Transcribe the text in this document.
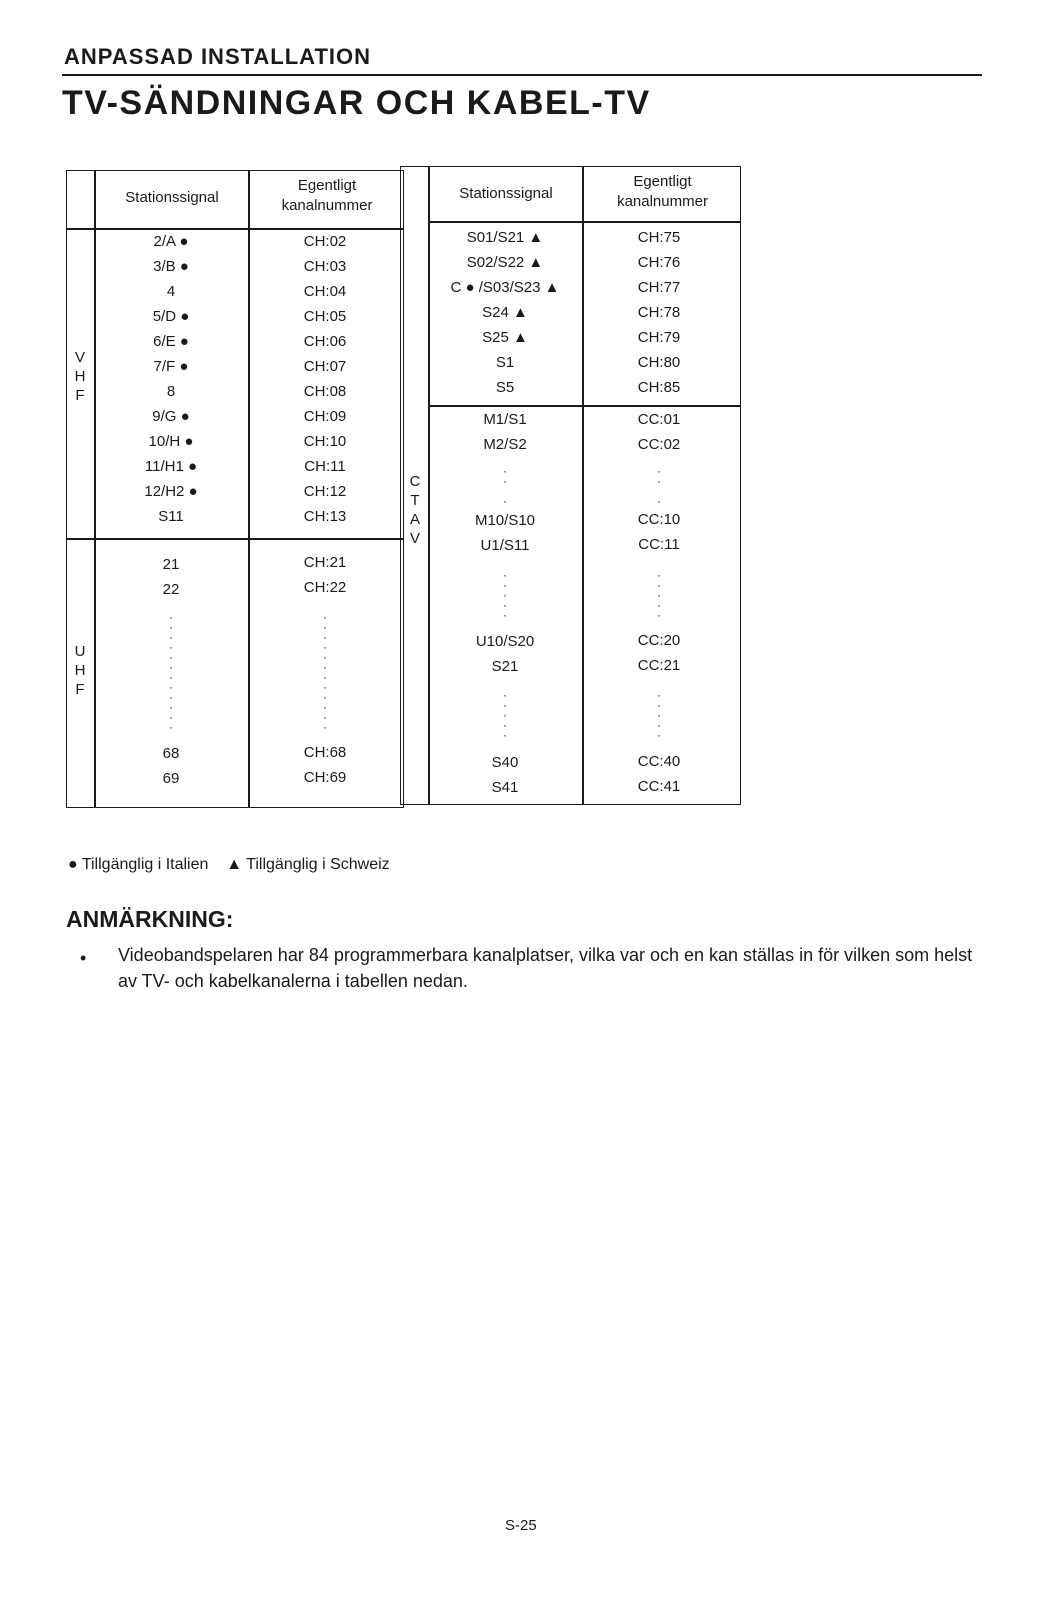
ANPASSAD INSTALLATION
TV-SÄNDNINGAR OCH KABEL-TV
Stationssignal
Egentligt
kanalnummer
Stationssignal
Egentligt
kanalnummer
V
H
F
U
H
F
C
T
A
V
2/A ●	CH:02
3/B ●	CH:03
4	CH:04
5/D ●	CH:05
6/E ●	CH:06
7/F ●	CH:07
8	CH:08
9/G ●	CH:09
10/H ●	CH:10
11/H1 ●	CH:11
12/H2 ●	CH:12
S11	CH:13
21	CH:21
22	CH:22
·
·
·
·
·
·
·
·
·
·
·
·
·
·
·
·
·
·
·
·
·
·
·
·
68	CH:68
69	CH:69
S01/S21 ▲	CH:75
S02/S22 ▲	CH:76
C ● /S03/S23 ▲	CH:77
S24 ▲	CH:78
S25 ▲	CH:79
S1	CH:80
S5	CH:85
M1/S1	CC:01
M2/S2	CC:02
·
·

·
·
·

·
M10/S10	CC:10
U1/S11	CC:11
·
·
·
·
·
·
·
·
·
·
U10/S20	CC:20
S21	CC:21
·
·
·
·
·
·
·
·
·
·
S40	CC:40
S41	CC:41
● Tillgänglig i Italien ▲ Tillgänglig i Schweiz
ANMÄRKNING:
• Videobandspelaren har 84 programmerbara kanalplatser, vilka var och en kan ställas in för vilken som helst av TV- och kabelkanalerna i tabellen nedan.

S-25
